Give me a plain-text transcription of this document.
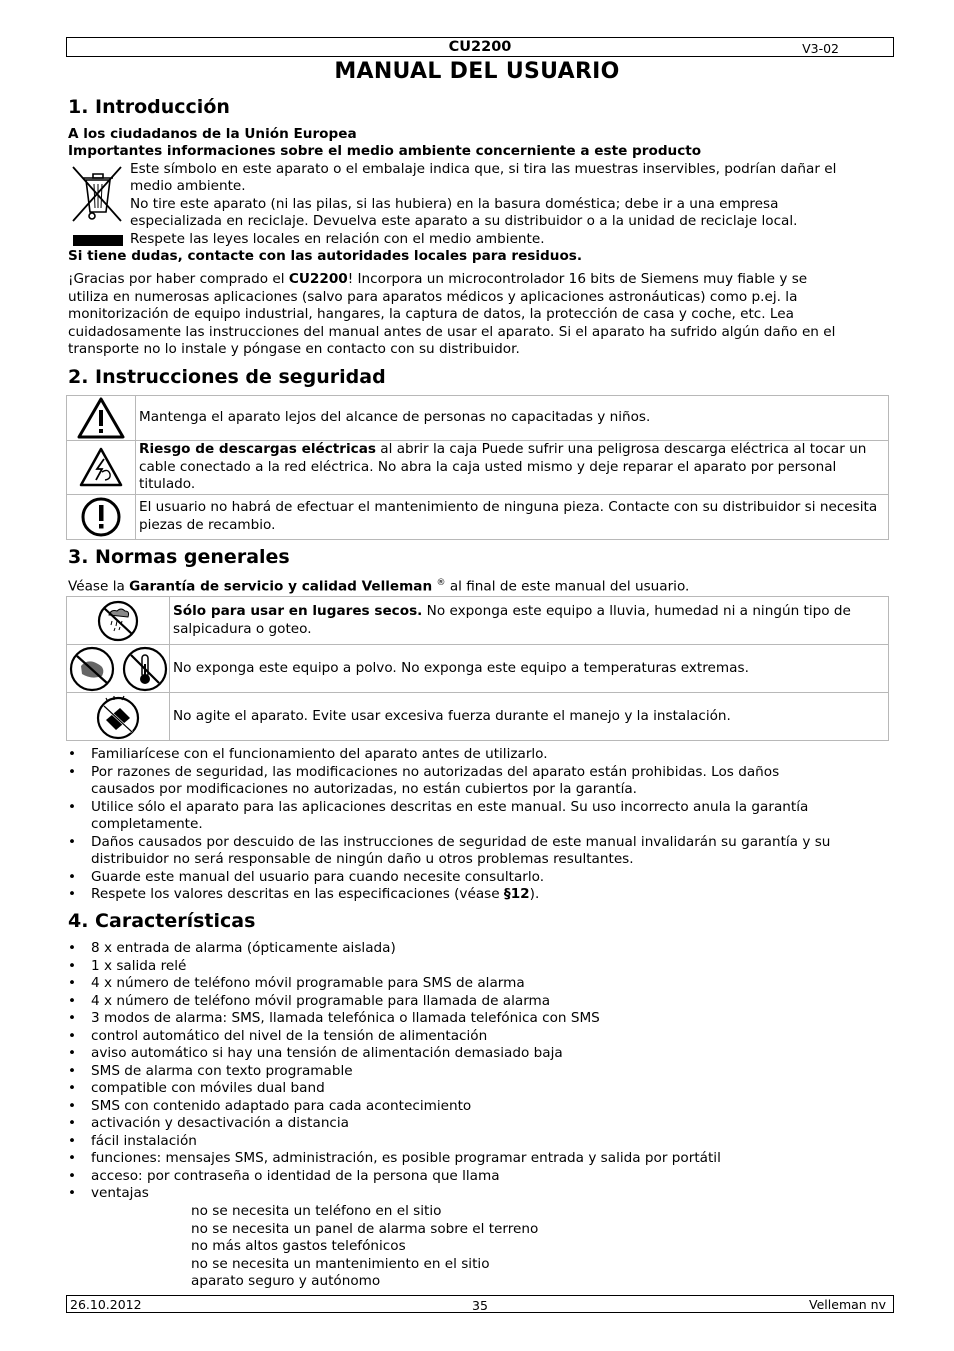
CU2200	V3-02
MANUAL DEL USUARIO
1. Introducción
A los ciudadanos de la Unión Europea
Importantes informaciones sobre el medio ambiente concerniente a este producto
Este símbolo en este aparato o el embalaje indica que, si tira las muestras inservibles, podrían dañar el
medio ambiente.
No tire este aparato (ni las pilas, si las hubiera) en la basura doméstica; debe ir a una empresa
especializada en reciclaje. Devuelva este aparato a su distribuidor o a la unidad de reciclaje local.
Respete las leyes locales en relación con el medio ambiente.
Si tiene dudas, contacte con las autoridades locales para residuos.
¡Gracias por haber comprado el CU2200! Incorpora un microcontrolador 16 bits de Siemens muy fiable y se
utiliza en numerosas aplicaciones (salvo para aparatos médicos y aplicaciones astronáuticas) como p.ej. la
monitorización de equipo industrial, hangares, la captura de datos, la protección de casa y coche, etc. Lea
cuidadosamente las instrucciones del manual antes de usar el aparato. Si el aparato ha sufrido algún daño en el
transporte no lo instale y póngase en contacto con su distribuidor.
2. Instrucciones de seguridad
	Mantenga el aparato lejos del alcance de personas no capacitadas y niños.

	Riesgo de descargas eléctricas al abrir la caja Puede sufrir una peligrosa descarga eléctrica al tocar un cable conectado a la red eléctrica. No abra la caja usted mismo y deje reparar el aparato por personal titulado.

	El usuario no habrá de efectuar el mantenimiento de ninguna pieza. Contacte con su distribuidor si necesita piezas de recambio.
3. Normas generales
Véase la Garantía de servicio y calidad Velleman ® al final de este manual del usuario.
	Sólo para usar en lugares secos. No exponga este equipo a lluvia, humedad ni a ningún tipo de salpicadura o goteo.

	No exponga este equipo a polvo. No exponga este equipo a temperaturas extremas.

	No agite el aparato. Evite usar excesiva fuerza durante el manejo y la instalación.
• Familiarícese con el funcionamiento del aparato antes de utilizarlo.
• Por razones de seguridad, las modificaciones no autorizadas del aparato están prohibidas. Los daños
causados por modificaciones no autorizadas, no están cubiertos por la garantía.
• Utilice sólo el aparato para las aplicaciones descritas en este manual. Su uso incorrecto anula la garantía
completamente.
• Daños causados por descuido de las instrucciones de seguridad de este manual invalidarán su garantía y su
distribuidor no será responsable de ningún daño u otros problemas resultantes.
• Guarde este manual del usuario para cuando necesite consultarlo.
• Respete los valores descritas en las especificaciones (véase §12).
4. Características
• 8 x entrada de alarma (ópticamente aislada)
• 1 x salida relé
• 4 x número de teléfono móvil programable para SMS de alarma
• 4 x número de teléfono móvil programable para llamada de alarma
• 3 modos de alarma: SMS, llamada telefónica o llamada telefónica con SMS
• control automático del nivel de la tensión de alimentación
• aviso automático si hay una tensión de alimentación demasiado baja
• SMS de alarma con texto programable
• compatible con móviles dual band
• SMS con contenido adaptado para cada acontecimiento
• activación y desactivación a distancia
• fácil instalación
• funciones: mensajes SMS, administración, es posible programar entrada y salida por portátil
• acceso: por contraseña o identidad de la persona que llama
• ventajas
no se necesita un teléfono en el sitio
no se necesita un panel de alarma sobre el terreno
no más altos gastos telefónicos
no se necesita un mantenimiento en el sitio
aparato seguro y autónomo
26.10.2012	35	Velleman nv
